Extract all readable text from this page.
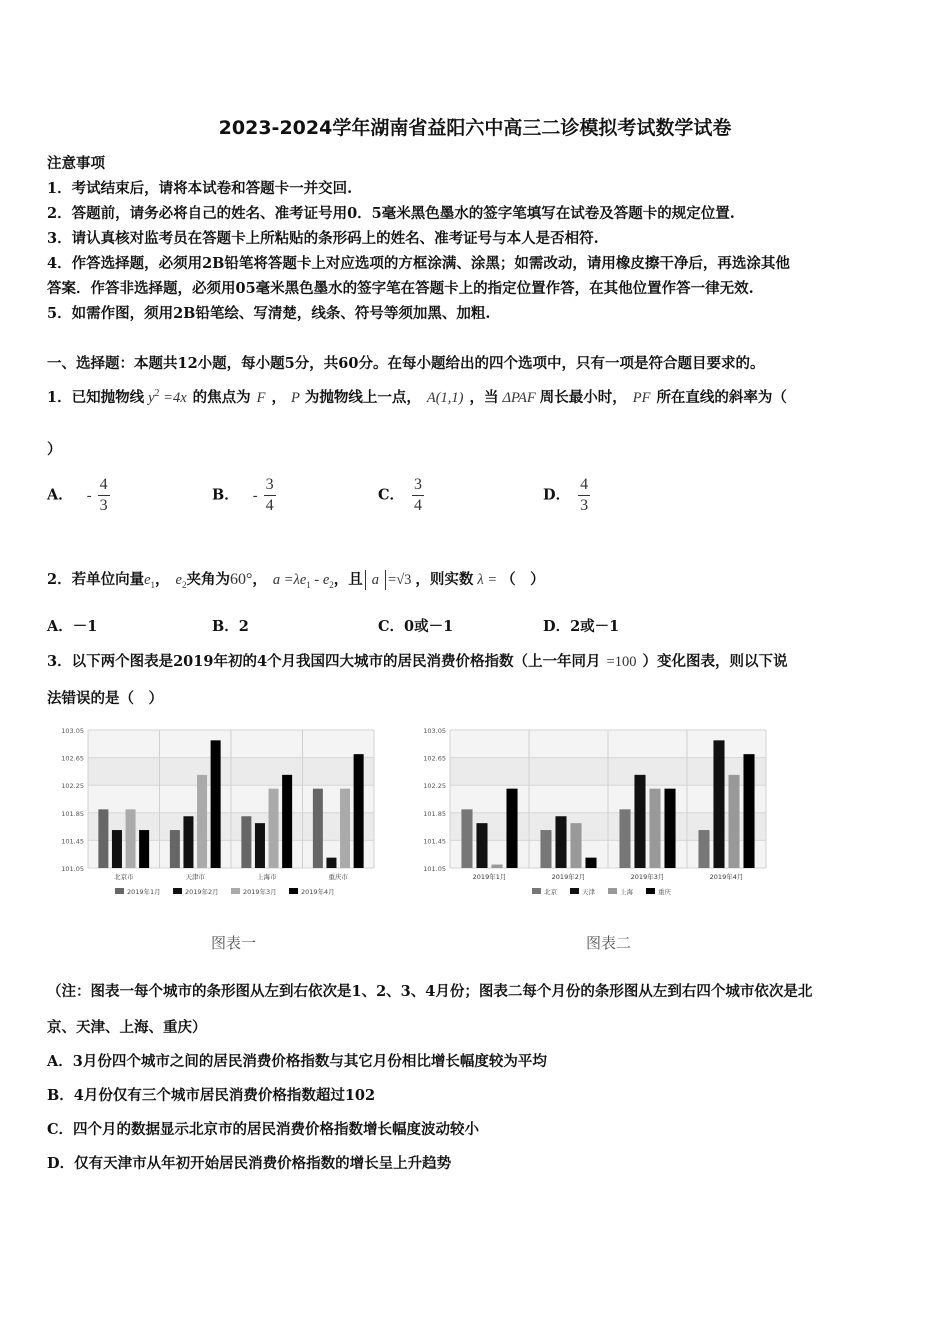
2023-2024学年湖南省益阳六中高三二诊模拟考试数学试卷
注意事项
1．考试结束后，请将本试卷和答题卡一并交回.
2．答题前，请务必将自己的姓名、准考证号用0．5毫米黑色墨水的签字笔填写在试卷及答题卡的规定位置.
3．请认真核对监考员在答题卡上所粘贴的条形码上的姓名、准考证号与本人是否相符.
4．作答选择题，必须用2B铅笔将答题卡上对应选项的方框涂满、涂黑；如需改动，请用橡皮擦干净后，再选涂其他
答案．作答非选择题，必须用05毫米黑色墨水的签字笔在答题卡上的指定位置作答，在其他位置作答一律无效.
5．如需作图，须用2B铅笔绘、写清楚，线条、符号等须加黑、加粗.
一、选择题：本题共12小题，每小题5分，共60分。在每小题给出的四个选项中，只有一项是符合题目要求的。
1．已知抛物线 $y^2 =4x$ 的焦点为 F ， P 为抛物线上一点， A(1,1) ，当 ΔPAF 周长最小时， PF 所在直线的斜率为（
）
A． - $\frac{4}{3}$	B． - $\frac{3}{4}$	C． $\frac{3}{4}$	D． $\frac{4}{3}$
2．若单位向量$e_1$， $e_2$夹角为60°， $a =\lambda e_1 - e_2$，且 a =√3 ，则实数 λ = （　）
A．－1	B．2	C．0或－1	D．2或－1
3．以下两个图表是2019年初的4个月我国四大城市的居民消费价格指数（上一年同月 =100 ）变化图表，则以下说
法错误的是（　）
103.05
102.65
102.25
101.85
101.45
101.05
北京市	天津市	上海市	重庆市
2019年1月	2019年2月	2019年3月	2019年4月
103.05
102.65
102.25
101.85
101.45
101.05
2019年1月	2019年2月	2019年3月	2019年4月
北京	天津	上海	重庆
图表一	图表二
（注：图表一每个城市的条形图从左到右依次是1、2、3、4月份；图表二每个月份的条形图从左到右四个城市依次是北
京、天津、上海、重庆）
A．3月份四个城市之间的居民消费价格指数与其它月份相比增长幅度较为平均
B．4月份仅有三个城市居民消费价格指数超过102
C．四个月的数据显示北京市的居民消费价格指数增长幅度波动较小
D．仅有天津市从年初开始居民消费价格指数的增长呈上升趋势
